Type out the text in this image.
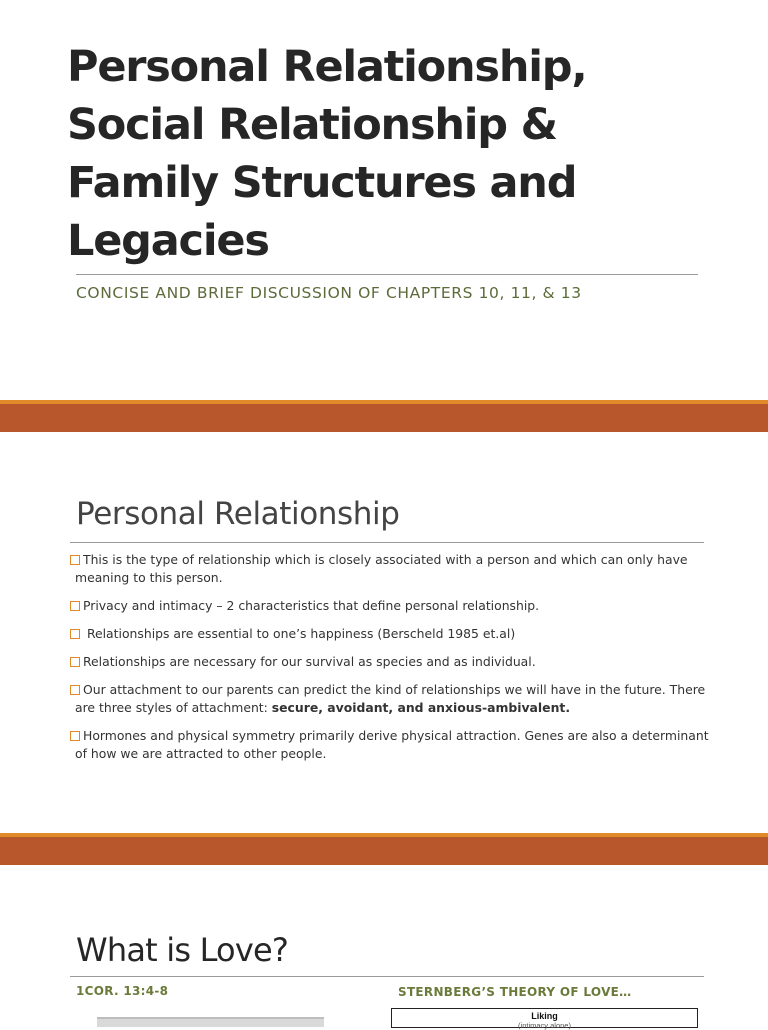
Personal Relationship,
Social Relationship &
Family Structures and
Legacies
CONCISE AND BRIEF DISCUSSION OF CHAPTERS 10, 11, & 13
Personal Relationship
This is the type of relationship which is closely associated with a person and which can only have meaning to this person.
Privacy and intimacy – 2 characteristics that define personal relationship.
Relationships are essential to one’s happiness (Berscheld 1985 et.al)
Relationships are necessary for our survival as species and as individual.
Our attachment to our parents can predict the kind of relationships we will have in the future. There are three styles of attachment: secure, avoidant, and anxious-ambivalent.
Hormones and physical symmetry primarily derive physical attraction. Genes are also a determinant of how we are attracted to other people.
What is Love?
1COR. 13:4-8	STERNBERG’S THEORY OF LOVE…
Liking
(intimacy alone)
